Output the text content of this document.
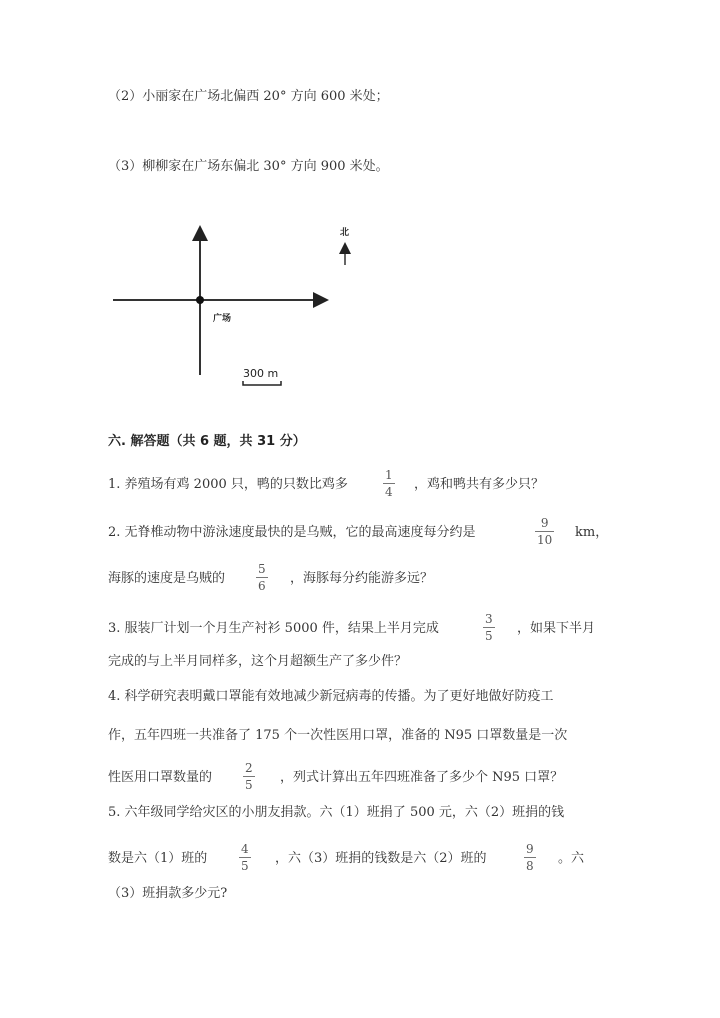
（2）小丽家在广场北偏西 20° 方向 600 米处；
（3）柳柳家在广场东偏北 30° 方向 900 米处。
广场
北
300 m
六. 解答题（共 6 题，共 31 分）
1. 养殖场有鸡 2000 只，鸭的只数比鸡多
1
4 ，鸡和鸭共有多少只？
2. 无脊椎动物中游泳速度最快的是乌贼，它的最高速度每分约是
9
10 km，
海豚的速度是乌贼的
5
6 ，海豚每分约能游多远？
3. 服装厂计划一个月生产衬衫 5000 件，结果上半月完成
3
5 ，如果下半月
完成的与上半月同样多，这个月超额生产了多少件？
4. 科学研究表明戴口罩能有效地减少新冠病毒的传播。为了更好地做好防疫工
作，五年四班一共准备了 175 个一次性医用口罩，准备的 N95 口罩数量是一次
性医用口罩数量的
2
5 ，列式计算出五年四班准备了多少个 N95 口罩？
5. 六年级同学给灾区的小朋友捐款。六（1）班捐了 500 元，六（2）班捐的钱
数是六（1）班的
4
5 ，六（3）班捐的钱数是六（2）班的
9
8 。六
（3）班捐款多少元?
